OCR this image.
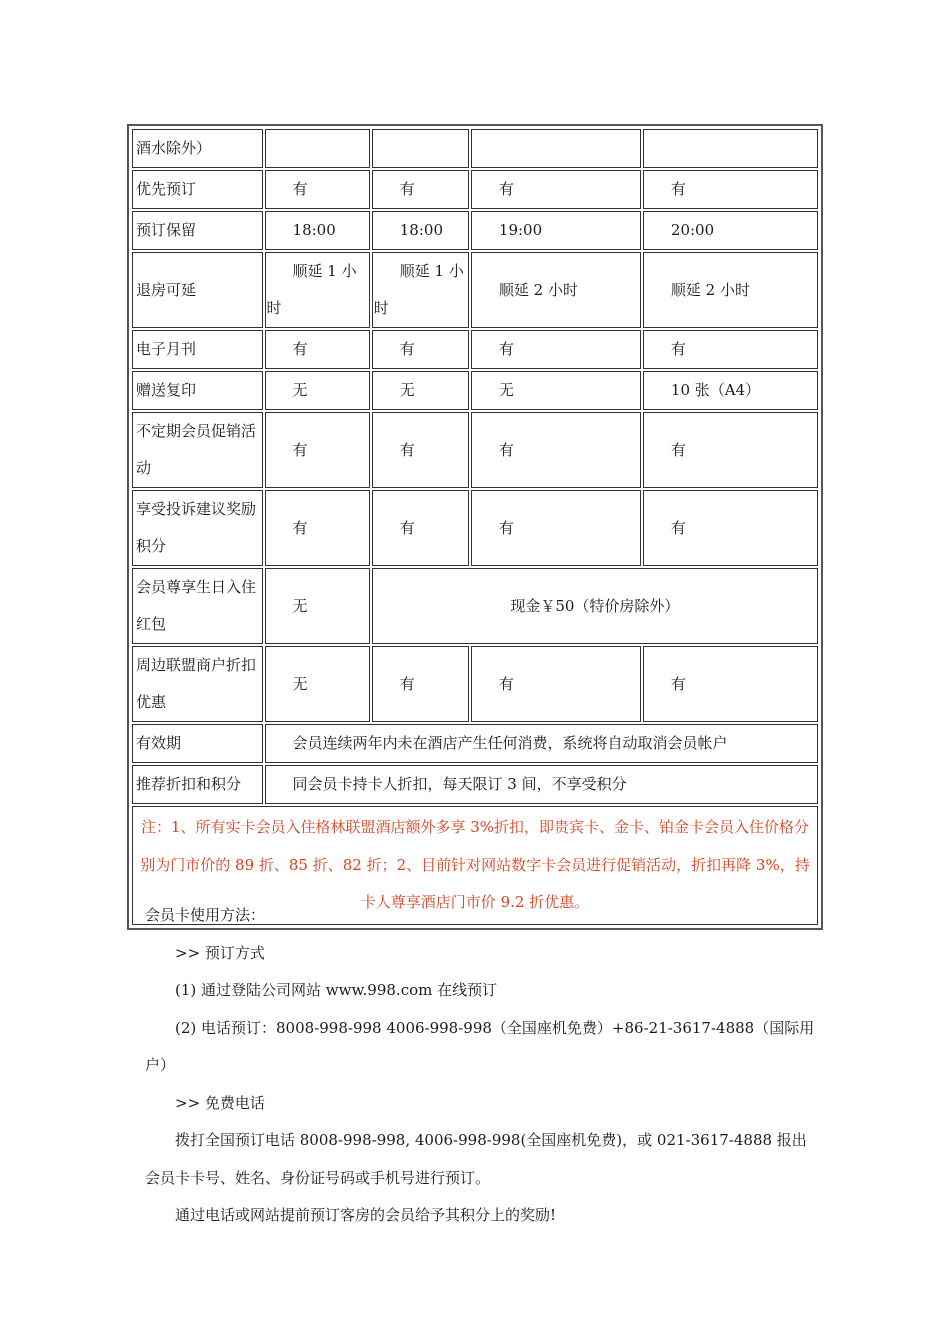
酒水除外）				
优先预订	有	有	有	有
预订保留	18:00	18:00	19:00	20:00
退房可延	顺延 1 小时	顺延 1 小时	顺延 2 小时	顺延 2 小时
电子月刊	有	有	有	有
赠送复印	无	无	无	10 张（A4）
不定期会员促销活动	有	有	有	有
享受投诉建议奖励积分	有	有	有	有
会员尊享生日入住红包	无	现金￥50（特价房除外）		
周边联盟商户折扣优惠	无	有	有	有
有效期	会员连续两年内未在酒店产生任何消费，系统将自动取消会员帐户			
推荐折扣和积分	同会员卡持卡人折扣，每天限订 3 间，不享受积分			
注：1、所有实卡会员入住格林联盟酒店额外多享 3%折扣，即贵宾卡、金卡、铂金卡会员入住价格分别为门市价的 89 折、85 折、82 折；2、目前针对网站数字卡会员进行促销活动，折扣再降 3%，持卡人尊享酒店门市价 9.2 折优惠。				

会员卡使用方法：

>> 预订方式

(1) 通过登陆公司网站 www.998.com 在线预订

(2) 电话预订：8008-998-998 4006-998-998（全国座机免费）+86-21-3617-4888（国际用户）

>> 免费电话

拨打全国预订电话 8008-998-998, 4006-998-998(全国座机免费)，或 021-3617-4888 报出会员卡卡号、姓名、身份证号码或手机号进行预订。

通过电话或网站提前预订客房的会员给予其积分上的奖励!
